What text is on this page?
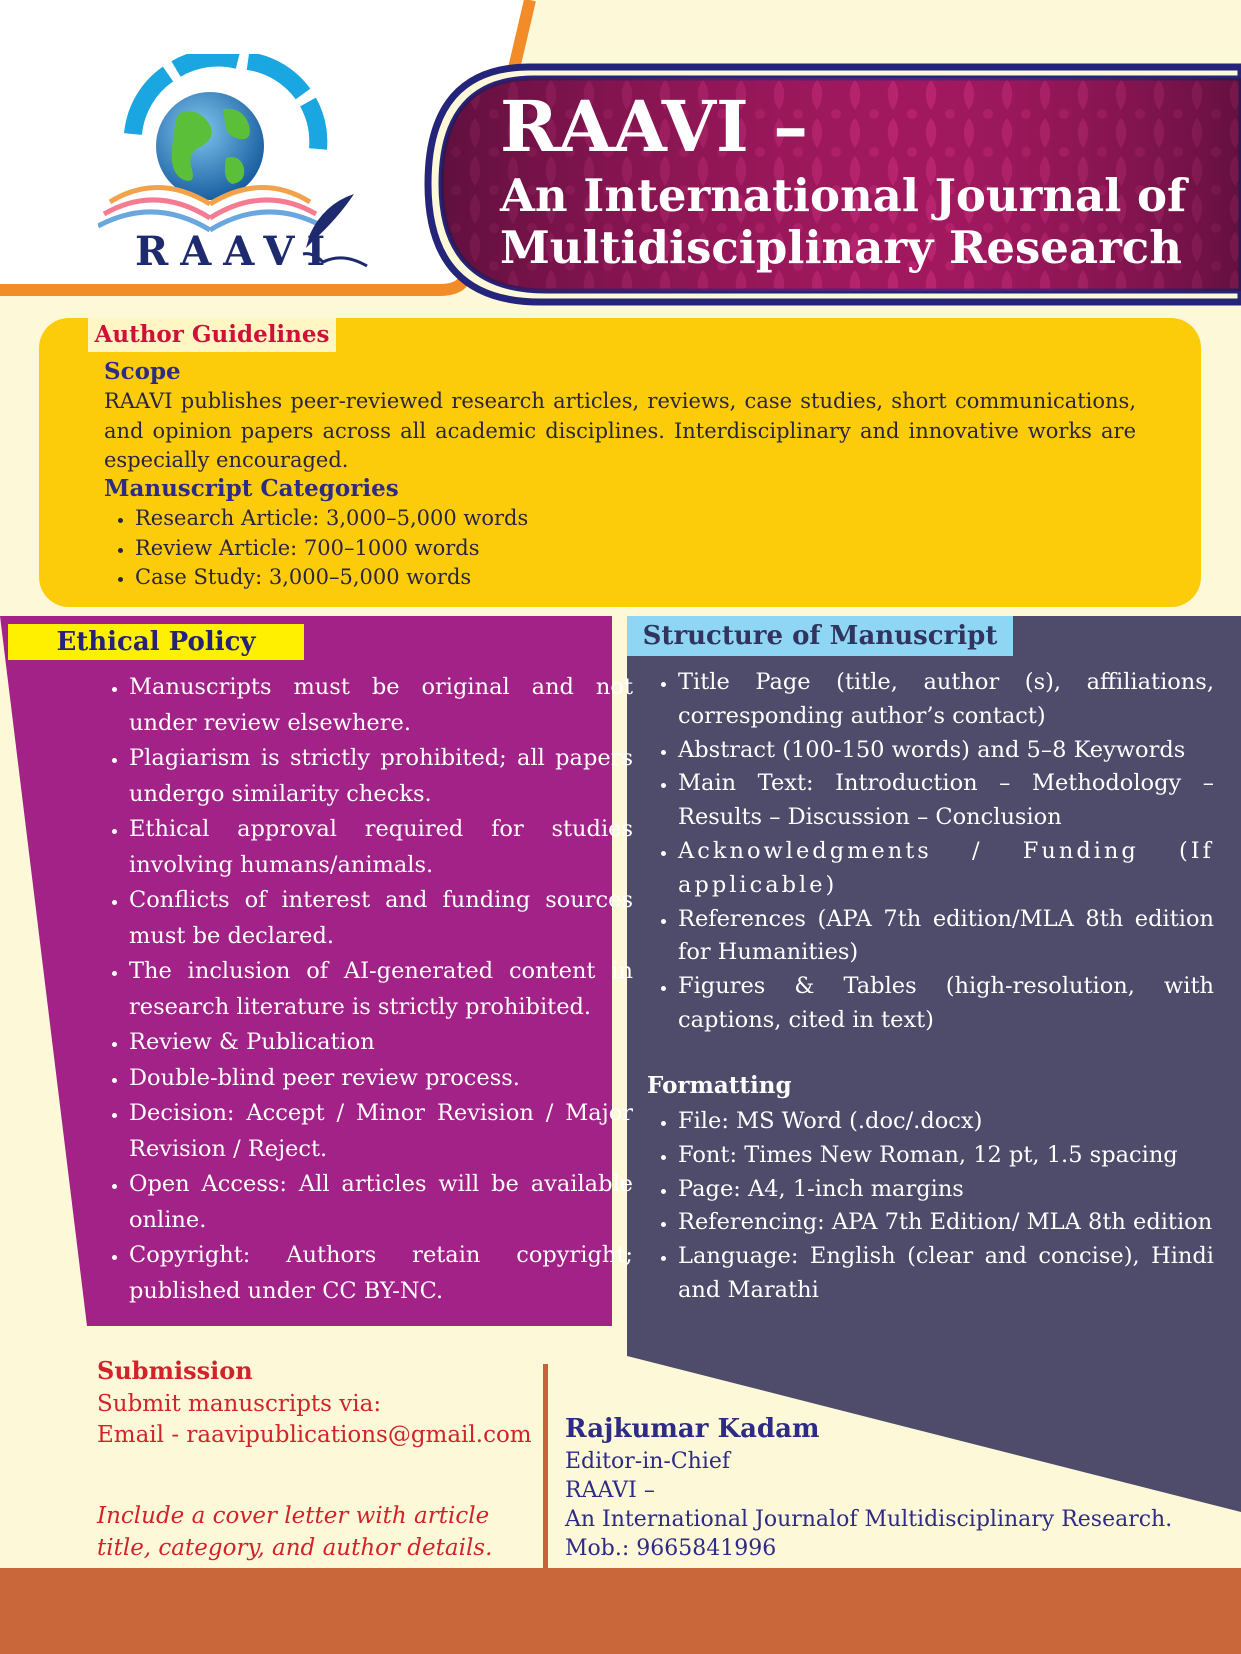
RAAVI
RAAVI –
An International Journal of
Multidisciplinary Research
Author Guidelines
Scope
RAAVI publishes peer-reviewed research articles, reviews, case studies, short communications, and opinion papers across all academic disciplines. Interdisciplinary and innovative works are especially encouraged.
Manuscript Categories
• Research Article: 3,000–5,000 words
• Review Article: 700–1000 words
• Case Study: 3,000–5,000 words
Ethical Policy
• Manuscripts must be original and not under review elsewhere.
• Plagiarism is strictly prohibited; all papers undergo similarity checks.
• Ethical approval required for studies involving humans/animals.
• Conflicts of interest and funding sources must be declared.
• The inclusion of AI-generated content in research literature is strictly prohibited.
• Review & Publication
• Double-blind peer review process.
• Decision: Accept / Minor Revision / Major Revision / Reject.
• Open Access: All articles will be available online.
• Copyright: Authors retain copyright; published under CC BY-NC.
Structure of Manuscript
• Title Page (title, author (s), affiliations, corresponding author’s contact)
• Abstract (100-150 words) and 5–8 Keywords
• Main Text: Introduction – Methodology – Results – Discussion – Conclusion
• Acknowledgments / Funding (If applicable)
• References (APA 7th edition/MLA 8th edition for Humanities)
• Figures & Tables (high-resolution, with captions, cited in text)
Formatting
• File: MS Word (.doc/.docx)
• Font: Times New Roman, 12 pt, 1.5 spacing
• Page: A4, 1-inch margins
• Referencing: APA 7th Edition/ MLA 8th edition
• Language: English (clear and concise), Hindi and Marathi
Submission
Submit manuscripts via:
Email - raavipublications@gmail.com
Include a cover letter with article title, category, and author details.
Rajkumar Kadam
Editor-in-Chief
RAAVI –
An International Journalof Multidisciplinary Research.
Mob.: 9665841996
